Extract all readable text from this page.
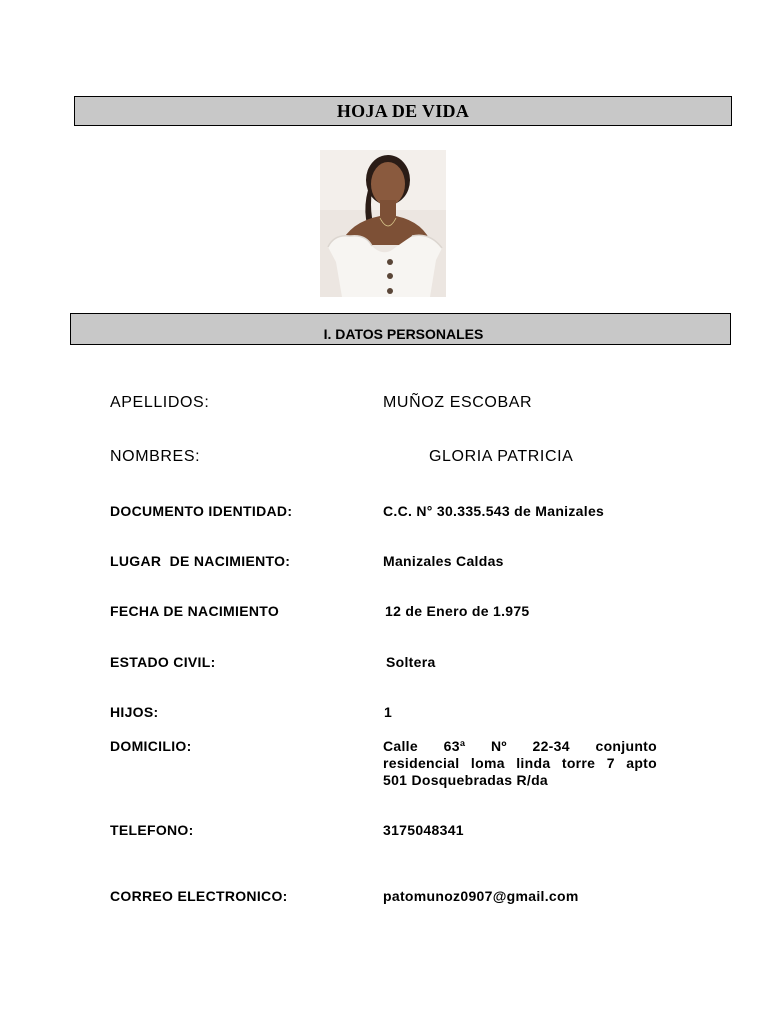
HOJA DE VIDA
I. DATOS PERSONALES
APELLIDOS:	MUÑOZ ESCOBAR
NOMBRES:	GLORIA PATRICIA
DOCUMENTO IDENTIDAD:	C.C. N° 30.335.543 de Manizales
LUGAR  DE NACIMIENTO:	Manizales Caldas
FECHA DE NACIMIENTO	12 de Enero de 1.975
ESTADO CIVIL:	Soltera
HIJOS:	1
DOMICILIO:	Calle 63ª Nº 22-34 conjunto
residencial loma linda torre 7 apto
501 Dosquebradas R/da
TELEFONO:	3175048341
CORREO ELECTRONICO:	patomunoz0907@gmail.com
